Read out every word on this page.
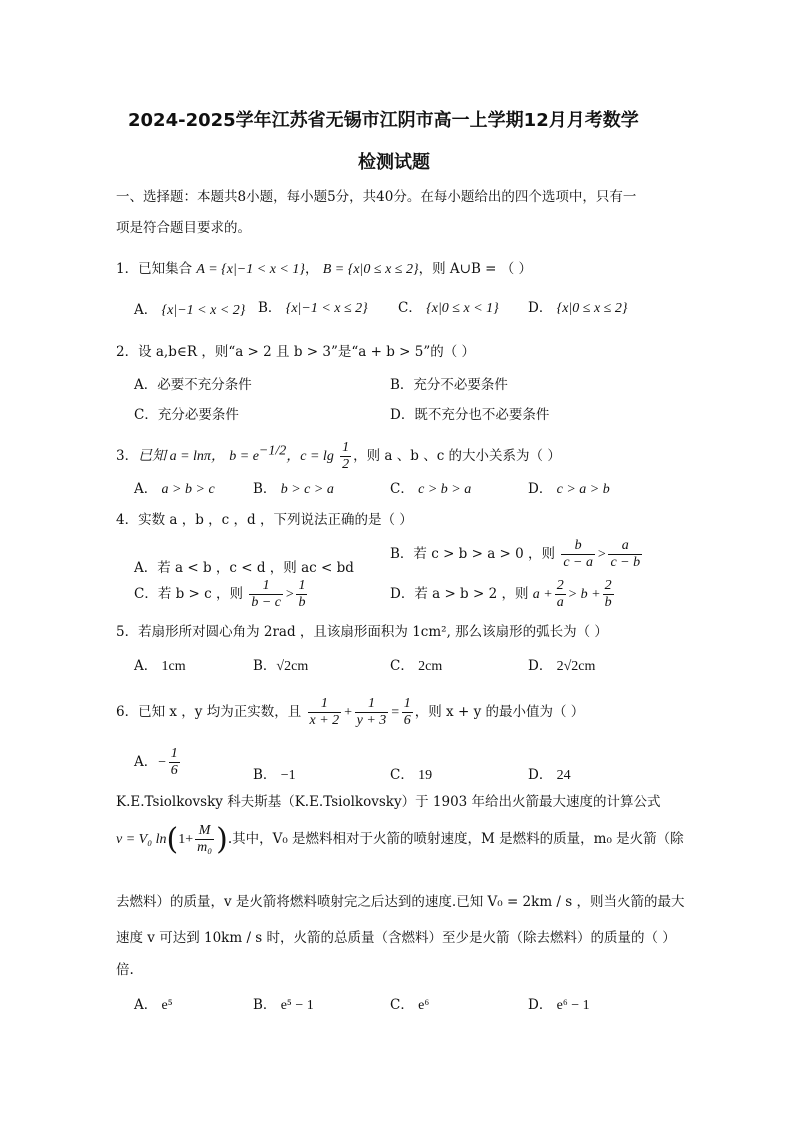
2024-2025学年江苏省无锡市江阴市高一上学期12月月考数学
检测试题
一、选择题：本题共8小题，每小题5分，共40分。在每小题给出的四个选项中，只有一
项是符合题目要求的。
1．已知集合 A = {x|−1 < x < 1}， B = {x|0 ≤ x ≤ 2}，则 A∪B = （ ）
A． {x|−1 < x < 2} B． {x|−1 < x ≤ 2} C． {x|0 ≤ x < 1} D． {x|0 ≤ x ≤ 2}
2．设 a,b∈R ，则“a > 2 且 b > 3”是“a + b > 5”的（ ）
A．必要不充分条件	B．充分不必要条件
C．充分必要条件	D．既不充分也不必要条件
3．已知 a = lnπ， $b = e^{-1/2}$，$c = \lg \frac{1}{2}$ ，则 a 、b 、c 的大小关系为（ ）
A． a > b > c	B． b > c > a	C． c > b > a	D． c > a > b
4．实数 a ，b ，c ，d ，下列说法正确的是（ ）
A．若 a < b ，c < d ，则 ac < bd
B．若 c > b > a > 0 ，则 $\frac{b}{c - a} > \frac{a}{c - b}$
C．若 b > c ，则 $\frac{1}{b - c} > \frac{1}{b}$	D．若 a > b > 2 ，则 $a + \frac{2}{a} > b + \frac{2}{b}$
5．若扇形所对圆心角为 2rad ，且该扇形面积为 1cm², 那么该扇形的弧长为（ ）
A． 1cm	B．√2cm	C． 2cm	D． 2√2cm
6．已知 x ，y 均为正实数，且 $\frac{1}{x + 2} + \frac{1}{y + 3} = \frac{1}{6}$ ，则 x + y 的最小值为（ ）
A．− $\frac{1}{6}$	B． −1	C． 19	D． 24
K.E.Tsiolkovsky 科夫斯基（K.E.Tsiolkovsky）于 1903 年给出火箭最大速度的计算公式
v = V₀ $\ln(1+ \frac{M}{\text{m₀}}$ ).其中，V₀ 是燃料相对于火箭的喷射速度，M 是燃料的质量，m₀ 是火箭（除
去燃料）的质量，v 是火箭将燃料喷射完之后达到的速度.已知 V₀ = 2km / s ，则当火箭的最大
速度 v 可达到 10km / s 时，火箭的总质量（含燃料）至少是火箭（除去燃料）的质量的（ ）
倍.
A． e⁵	B． e⁵ − 1	C． e⁶	D． e⁶ − 1
